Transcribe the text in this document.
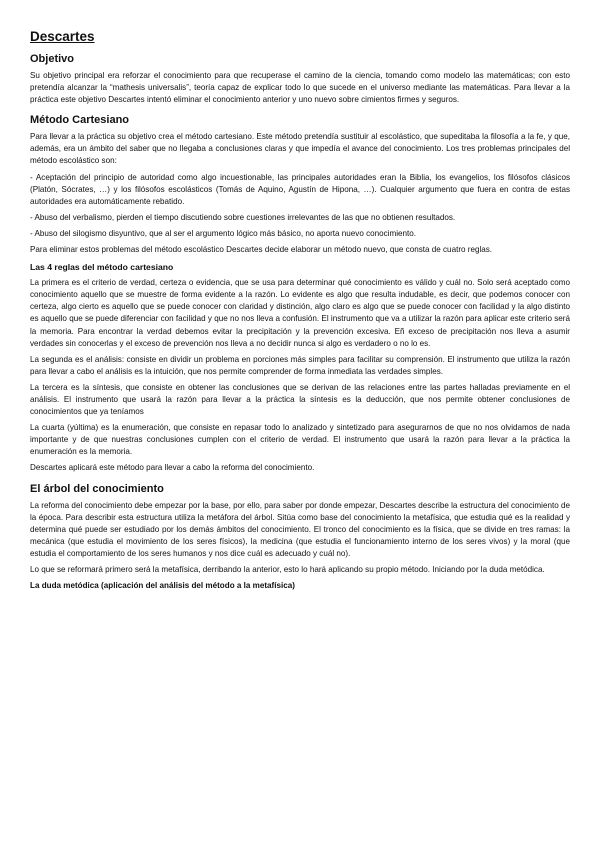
Descartes
Objetivo

Su objetivo principal era reforzar el conocimiento para que recuperase el camino de la ciencia, tomando como modelo las matemáticas; con esto pretendía alcanzar la “mathesis universalis”, teoría capaz de explicar todo lo que sucede en el universo mediante las matemáticas. Para llevar a la práctica este objetivo Descartes intentó eliminar el conocimiento anterior y uno nuevo sobre cimientos firmes y seguros.

Método Cartesiano

Para llevar a la práctica su objetivo crea el método cartesiano. Este método pretendía sustituir al escolástico, que supeditaba la filosofía a la fe, y que, además, era un ámbito del saber que no llegaba a conclusiones claras y que impedía el avance del conocimiento. Los tres problemas principales del método escolástico son:

- Aceptación del principio de autoridad como algo incuestionable, las principales autoridades eran la Biblia, los evangelios, los filósofos clásicos (Platón, Sócrates, …) y los filósofos escolásticos (Tomás de Aquino, Agustín de Hipona, …). Cualquier argumento que fuera en contra de estas autoridades era automáticamente rebatido.

- Abuso del verbalismo, pierden el tiempo discutiendo sobre cuestiones irrelevantes de las que no obtienen resultados.

- Abuso del silogismo disyuntivo, que al ser el argumento lógico más básico, no aporta nuevo conocimiento.

Para eliminar estos problemas del método escolástico Descartes decide elaborar un método nuevo, que consta de cuatro reglas.

Las 4 reglas del método cartesiano

La primera es el criterio de verdad, certeza o evidencia, que se usa para determinar qué conocimiento es válido y cuál no. Solo será aceptado como conocimiento aquello que se muestre de forma evidente a la razón. Lo evidente es algo que resulta indudable, es decir, que podemos conocer con certeza, algo cierto es aquello que se puede conocer con claridad y distinción, algo claro es algo que se puede conocer con facilidad y la algo distinto es aquello que se puede diferenciar con facilidad y que no nos lleva a confusión. El instrumento que va a utilizar la razón para aplicar este criterio será la memoria. Para encontrar la verdad debemos evitar la precipitación y la prevención excesiva. Eñ exceso de precipitación nos lleva a asumir verdades sin conocerlas y el exceso de prevención nos lleva a no decidir nunca si algo es verdadero o no lo es.

La segunda es el análisis: consiste en dividir un problema en porciones más simples para facilitar su comprensión. El instrumento que utiliza la razón para llevar a cabo el análisis es la intuición, que nos permite comprender de forma inmediata las verdades simples.

La tercera es la síntesis, que consiste en obtener las conclusiones que se derivan de las relaciones entre las partes halladas previamente en el análisis. El instrumento que usará la razón para llevar a la práctica la síntesis es la deducción, que nos permite obtener conclusiones de conocimientos que ya teníamos

La cuarta (yúltima) es la enumeración, que consiste en repasar todo lo analizado y sintetizado para asegurarnos de que no nos olvidamos de nada importante y de que nuestras conclusiones cumplen con el criterio de verdad. El instrumento que usará la razón para llevar a la práctica la enumeración es la memoria.

Descartes aplicará este método para llevar a cabo la reforma del conocimiento.

El árbol del conocimiento

La reforma del conocimiento debe empezar por la base, por ello, para saber por donde empezar, Descartes describe la estructura del conocimiento de la época. Para describir esta estructura utiliza la metáfora del árbol. Sitúa como base del conocimiento la metafísica, que estudia qué es la realidad y determina qué puede ser estudiado por los demás ámbitos del conocimiento. El tronco del conocimiento es la física, que se divide en tres ramas: la mecánica (que estudia el movimiento de los seres físicos), la medicina (que estudia el funcionamiento interno de los seres vivos) y la moral (que estudia el comportamiento de los seres humanos y nos dice cuál es adecuado y cuál no).

Lo que se reformará primero será la metafísica, derribando la anterior, esto lo hará aplicando su propio método. Iniciando por la duda metódica.

La duda metódica (aplicación del análisis del método a la metafísica)
